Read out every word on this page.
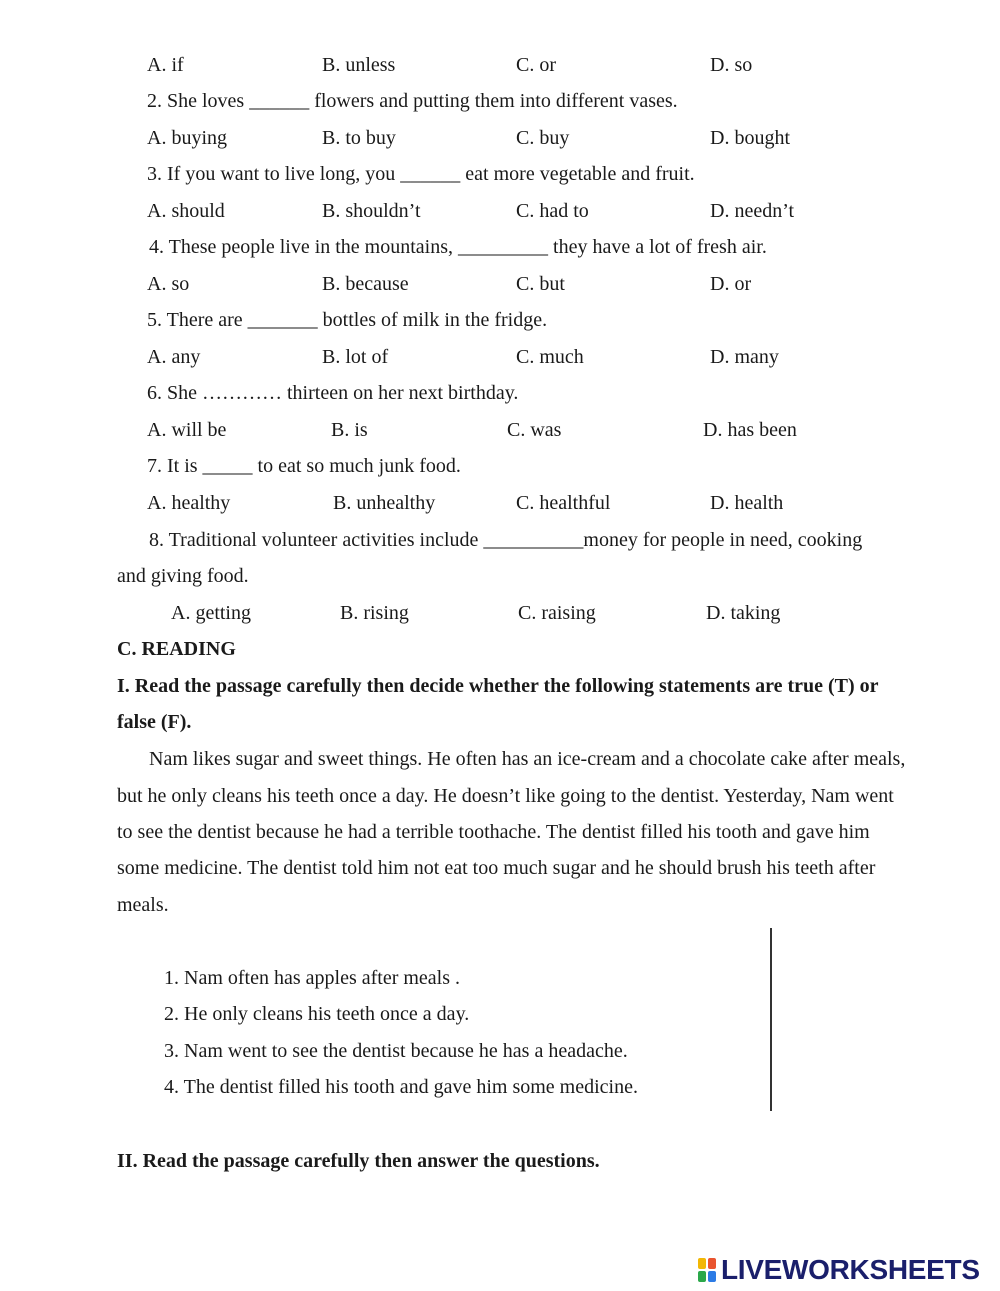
A. if	B. unless	C. or	D. so
2. She loves ______ flowers and putting them into different vases.
A. buying	B. to buy	C. buy	D. bought
3. If you want to live long, you ______ eat more vegetable and fruit.
A. should	B. shouldn’t	C. had to	D. needn’t
4. These people live in the mountains, _________ they have a lot of fresh air.
A. so	B. because	C. but	D. or
5. There are _______ bottles of milk in the fridge.
A. any	B. lot of	C. much	D. many
6. She ………… thirteen on her next birthday.
A. will be	B. is	C. was	D. has been
7. It is _____ to eat so much junk food.
A. healthy	B. unhealthy	C. healthful	D. health
8. Traditional volunteer activities include __________money for people in need, cooking
and giving food.
A. getting	B. rising	C. raising	D. taking
C. READING
I. Read the passage carefully then decide whether the following statements are true (T) or
false (F).
Nam likes sugar and sweet things. He often has an ice-cream and a chocolate cake after meals,
but he only cleans his teeth once a day. He doesn’t like going to the dentist. Yesterday, Nam went
to see the dentist because he had a terrible toothache. The dentist filled his tooth and gave him
some medicine. The dentist told him not eat too much sugar and he should brush his teeth after
meals.
1. Nam often has apples after meals .
2. He only cleans his teeth once a day.
3. Nam went to see the dentist because he has a headache.
4. The dentist filled his tooth and gave him some medicine.
II. Read the passage carefully then answer the questions.
LIVEWORKSHEETS
